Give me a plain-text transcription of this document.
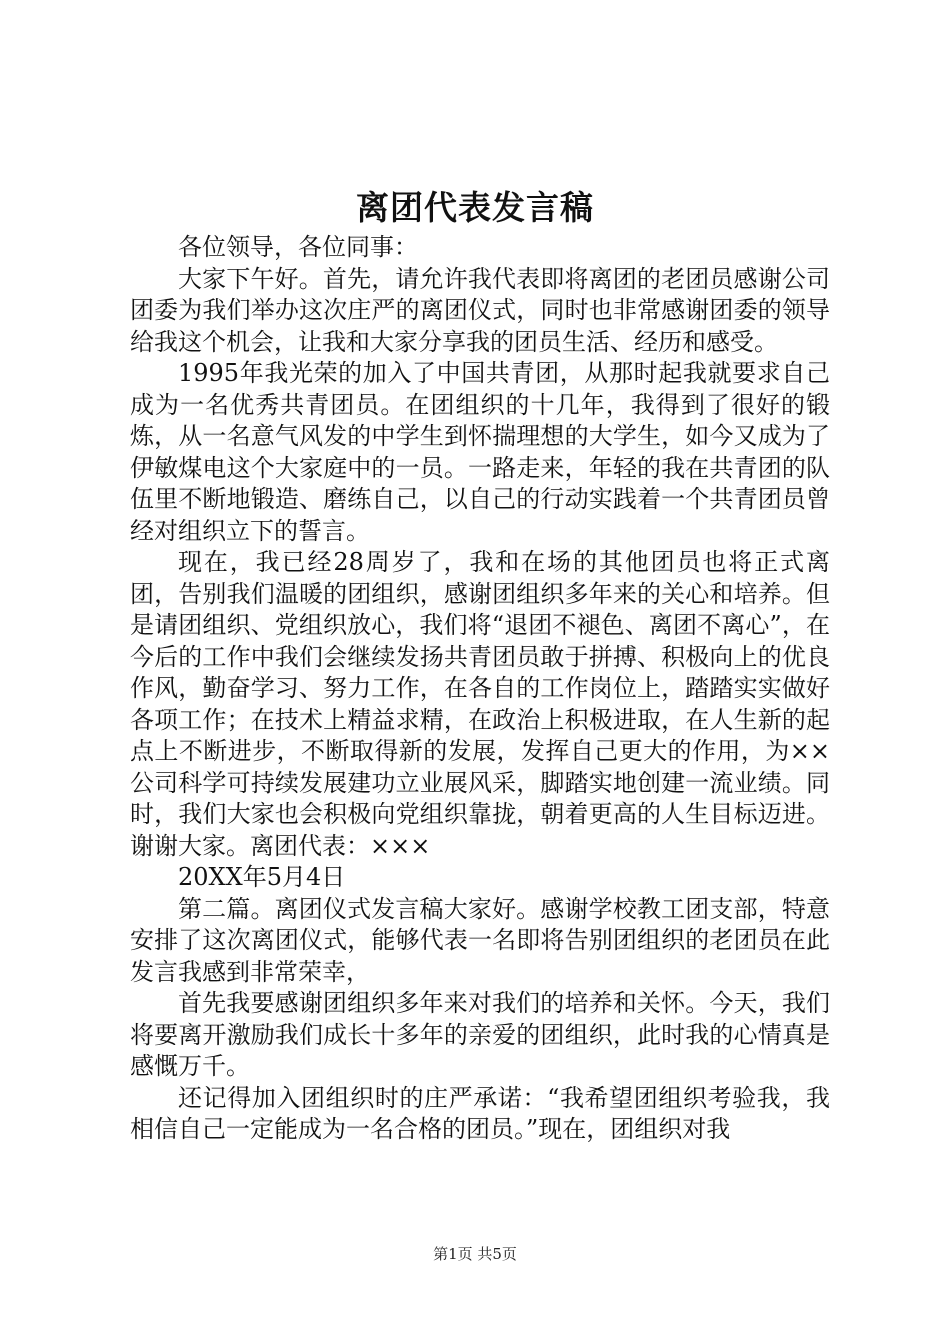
离团代表发言稿

各位领导，各位同事：

大家下午好。首先，请允许我代表即将离团的老团员感谢公司团委为我们举办这次庄严的离团仪式，同时也非常感谢团委的领导给我这个机会，让我和大家分享我的团员生活、经历和感受。

1995年我光荣的加入了中国共青团，从那时起我就要求自己成为一名优秀共青团员。在团组织的十几年，我得到了很好的锻炼，从一名意气风发的中学生到怀揣理想的大学生，如今又成为了伊敏煤电这个大家庭中的一员。一路走来，年轻的我在共青团的队伍里不断地锻造、磨练自己，以自己的行动实践着一个共青团员曾经对组织立下的誓言。

现在，我已经28周岁了，我和在场的其他团员也将正式离团，告别我们温暖的团组织，感谢团组织多年来的关心和培养。但是请团组织、党组织放心，我们将“退团不褪色、离团不离心”，在今后的工作中我们会继续发扬共青团员敢于拼搏、积极向上的优良作风，勤奋学习、努力工作，在各自的工作岗位上，踏踏实实做好各项工作；在技术上精益求精，在政治上积极进取，在人生新的起点上不断进步，不断取得新的发展，发挥自己更大的作用，为××公司科学可持续发展建功立业展风采，脚踏实地创建一流业绩。同时，我们大家也会积极向党组织靠拢，朝着更高的人生目标迈进。谢谢大家。离团代表：×××

20XX年5月4日

第二篇。离团仪式发言稿大家好。感谢学校教工团支部，特意安排了这次离团仪式，能够代表一名即将告别团组织的老团员在此发言我感到非常荣幸，

首先我要感谢团组织多年来对我们的培养和关怀。今天，我们将要离开激励我们成长十多年的亲爱的团组织，此时我的心情真是感慨万千。

还记得加入团组织时的庄严承诺：“我希望团组织考验我，我相信自己一定能成为一名合格的团员。”现在，团组织对我

第1页 共5页
